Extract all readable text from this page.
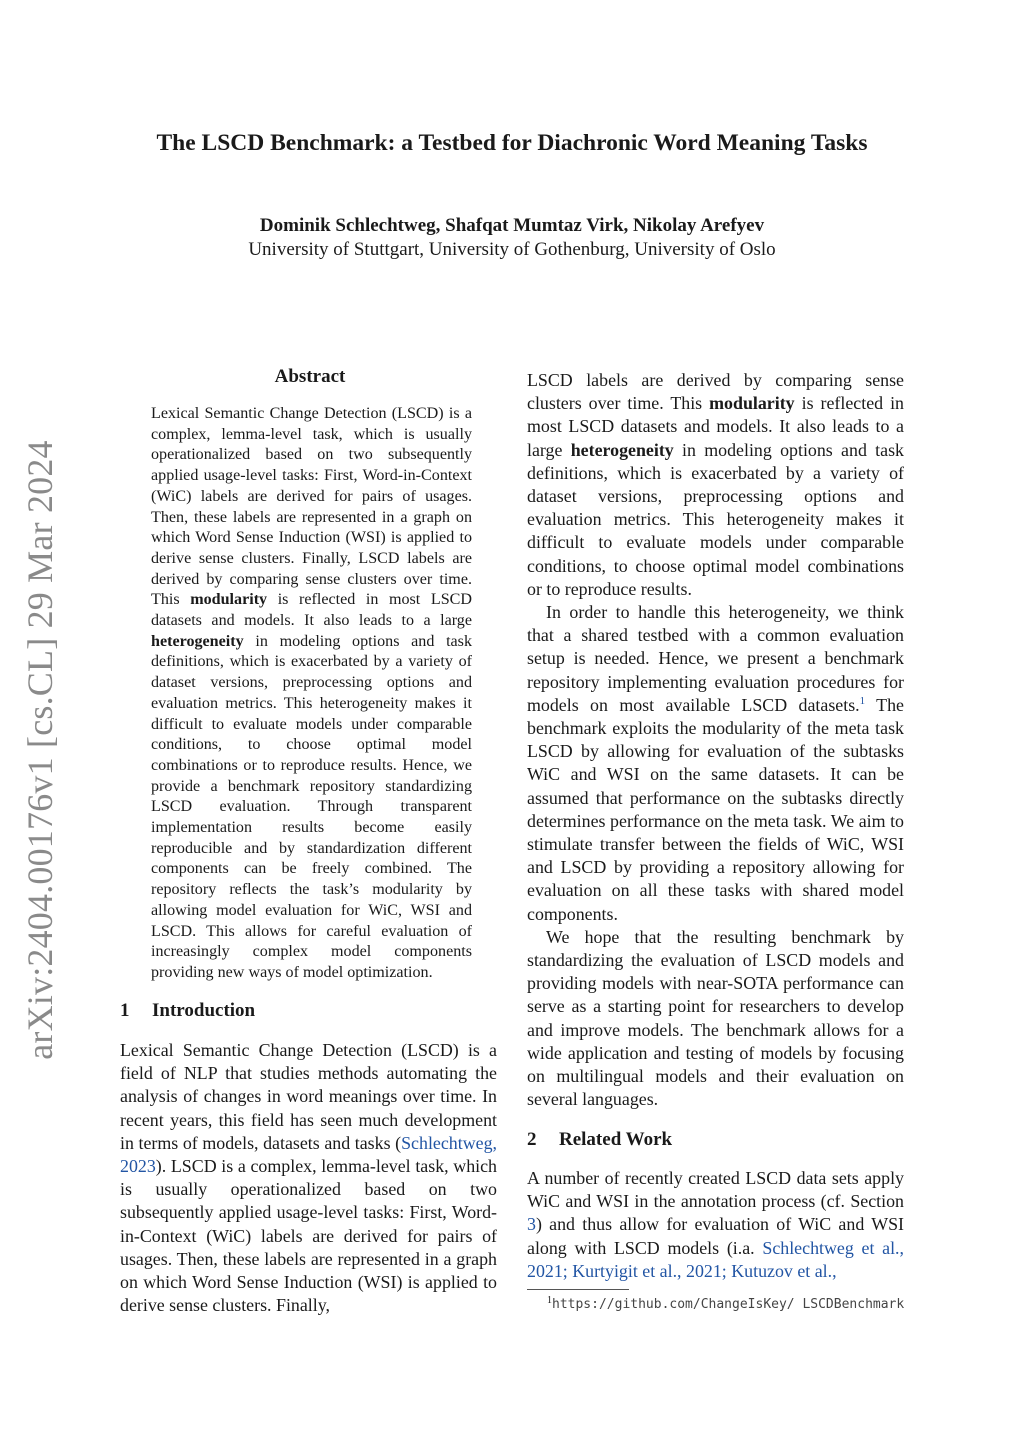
arXiv:2404.00176v1 [cs.CL] 29 Mar 2024
The LSCD Benchmark: a Testbed for Diachronic Word Meaning Tasks
Dominik Schlechtweg, Shafqat Mumtaz Virk, Nikolay Arefyev
University of Stuttgart, University of Gothenburg, University of Oslo
Abstract
Lexical Semantic Change Detection (LSCD) is a complex, lemma-level task, which is usually operationalized based on two subsequently applied usage-level tasks: First, Word-in-Context (WiC) labels are derived for pairs of usages. Then, these labels are represented in a graph on which Word Sense Induction (WSI) is applied to derive sense clusters. Finally, LSCD labels are derived by comparing sense clusters over time. This modularity is reflected in most LSCD datasets and models. It also leads to a large heterogeneity in modeling options and task definitions, which is exacerbated by a variety of dataset versions, preprocessing options and evaluation metrics. This heterogeneity makes it difficult to evaluate models under comparable conditions, to choose optimal model combinations or to reproduce results. Hence, we provide a benchmark repository standardizing LSCD evaluation. Through transparent implementation results become easily reproducible and by standardization different components can be freely combined. The repository reflects the task’s modularity by allowing model evaluation for WiC, WSI and LSCD. This allows for careful evaluation of increasingly complex model components providing new ways of model optimization.
1 Introduction

Lexical Semantic Change Detection (LSCD) is a field of NLP that studies methods automating the analysis of changes in word meanings over time. In recent years, this field has seen much development in terms of models, datasets and tasks (Schlechtweg, 2023). LSCD is a complex, lemma-level task, which is usually operationalized based on two subsequently applied usage-level tasks: First, Word-in-Context (WiC) labels are derived for pairs of usages. Then, these labels are represented in a graph on which Word Sense Induction (WSI) is applied to derive sense clusters. Finally,

LSCD labels are derived by comparing sense clusters over time. This modularity is reflected in most LSCD datasets and models. It also leads to a large heterogeneity in modeling options and task definitions, which is exacerbated by a variety of dataset versions, preprocessing options and evaluation metrics. This heterogeneity makes it difficult to evaluate models under comparable conditions, to choose optimal model combinations or to reproduce results.

In order to handle this heterogeneity, we think that a shared testbed with a common evaluation setup is needed. Hence, we present a benchmark repository implementing evaluation procedures for models on most available LSCD datasets.$^1$ The benchmark exploits the modularity of the meta task LSCD by allowing for evaluation of the subtasks WiC and WSI on the same datasets. It can be assumed that performance on the subtasks directly determines performance on the meta task. We aim to stimulate transfer between the fields of WiC, WSI and LSCD by providing a repository allowing for evaluation on all these tasks with shared model components.

We hope that the resulting benchmark by standardizing the evaluation of LSCD models and providing models with near-SOTA performance can serve as a starting point for researchers to develop and improve models. The benchmark allows for a wide application and testing of models by focusing on multilingual models and their evaluation on several languages.

2 Related Work

A number of recently created LSCD data sets apply WiC and WSI in the annotation process (cf. Section 3) and thus allow for evaluation of WiC and WSI along with LSCD models (i.a. Schlechtweg et al., 2021; Kurtyigit et al., 2021; Kutuzov et al.,

$^1$https://github.com/ChangeIsKey/ LSCDBenchmark
